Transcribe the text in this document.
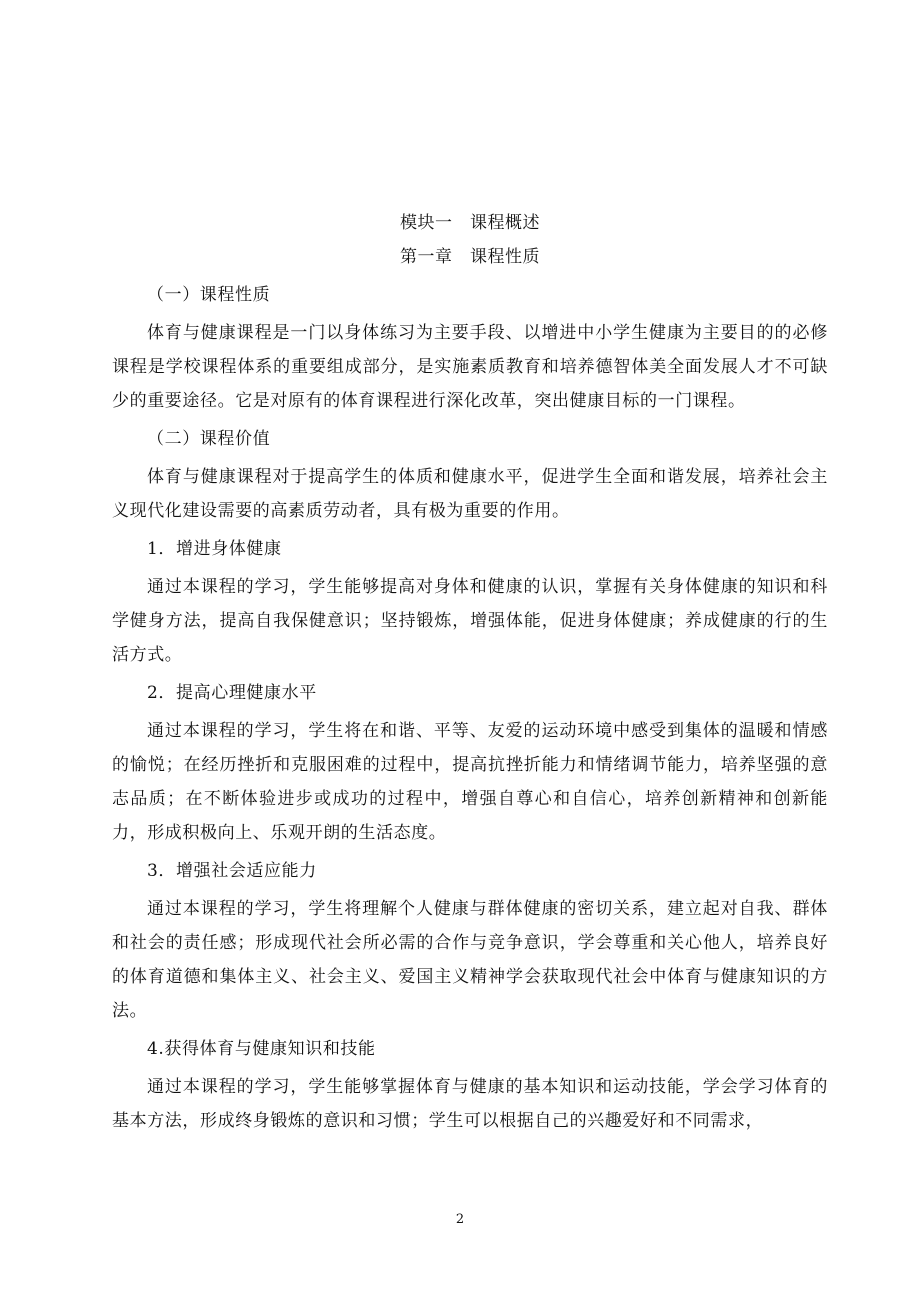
模块一　课程概述
第一章　课程性质

（一）课程性质

体育与健康课程是一门以身体练习为主要手段、以增进中小学生健康为主要目的的必修课程是学校课程体系的重要组成部分，是实施素质教育和培养德智体美全面发展人才不可缺少的重要途径。它是对原有的体育课程进行深化改革，突出健康目标的一门课程。

（二）课程价值

体育与健康课程对于提高学生的体质和健康水平，促进学生全面和谐发展，培养社会主义现代化建设需要的高素质劳动者，具有极为重要的作用。

1．增进身体健康

通过本课程的学习，学生能够提高对身体和健康的认识，掌握有关身体健康的知识和科学健身方法，提高自我保健意识；坚持锻炼，增强体能，促进身体健康；养成健康的行的生活方式。

2．提高心理健康水平

通过本课程的学习，学生将在和谐、平等、友爱的运动环境中感受到集体的温暖和情感的愉悦；在经历挫折和克服困难的过程中，提高抗挫折能力和情绪调节能力，培养坚强的意志品质；在不断体验进步或成功的过程中，增强自尊心和自信心，培养创新精神和创新能力，形成积极向上、乐观开朗的生活态度。

3．增强社会适应能力

通过本课程的学习，学生将理解个人健康与群体健康的密切关系，建立起对自我、群体和社会的责任感；形成现代社会所必需的合作与竞争意识，学会尊重和关心他人，培养良好的体育道德和集体主义、社会主义、爱国主义精神学会获取现代社会中体育与健康知识的方法。

4.获得体育与健康知识和技能

通过本课程的学习，学生能够掌握体育与健康的基本知识和运动技能，学会学习体育的基本方法，形成终身锻炼的意识和习惯；学生可以根据自己的兴趣爱好和不同需求，

2
